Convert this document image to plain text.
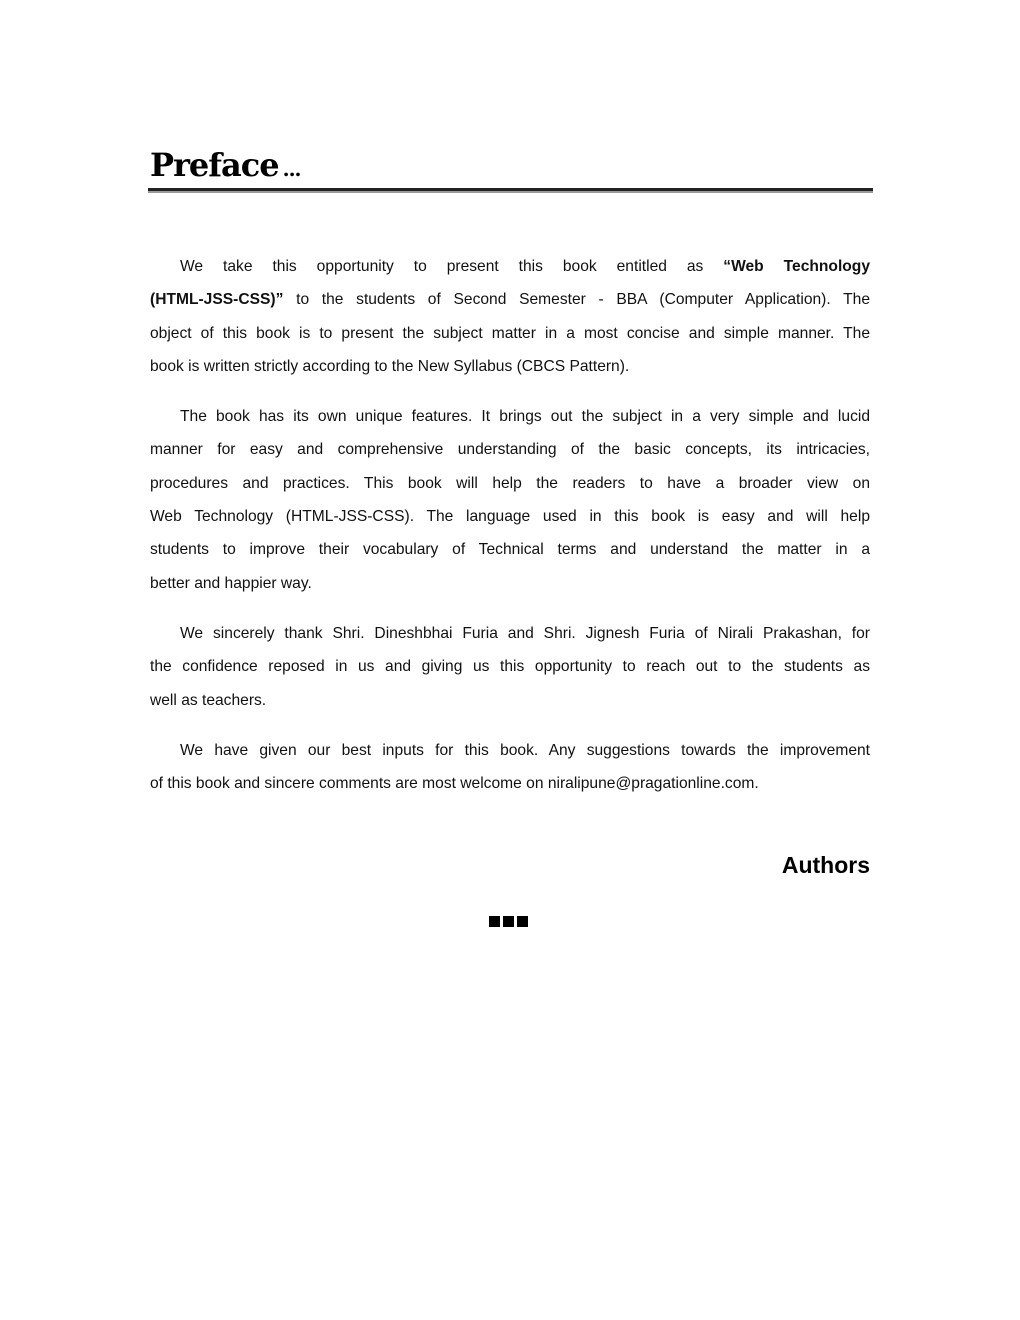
Preface ...
We take this opportunity to present this book entitled as “Web Technology
(HTML-JSS-CSS)” to the students of Second Semester - BBA (Computer Application). The
object of this book is to present the subject matter in a most concise and simple manner. The
book is written strictly according to the New Syllabus (CBCS Pattern).
The book has its own unique features. It brings out the subject in a very simple and lucid
manner for easy and comprehensive understanding of the basic concepts, its intricacies,
procedures and practices. This book will help the readers to have a broader view on
Web Technology (HTML-JSS-CSS). The language used in this book is easy and will help
students to improve their vocabulary of Technical terms and understand the matter in a
better and happier way.
We sincerely thank Shri. Dineshbhai Furia and Shri. Jignesh Furia of Nirali Prakashan, for
the confidence reposed in us and giving us this opportunity to reach out to the students as
well as teachers.
We have given our best inputs for this book. Any suggestions towards the improvement
of this book and sincere comments are most welcome on niralipune@pragationline.com.
Authors
